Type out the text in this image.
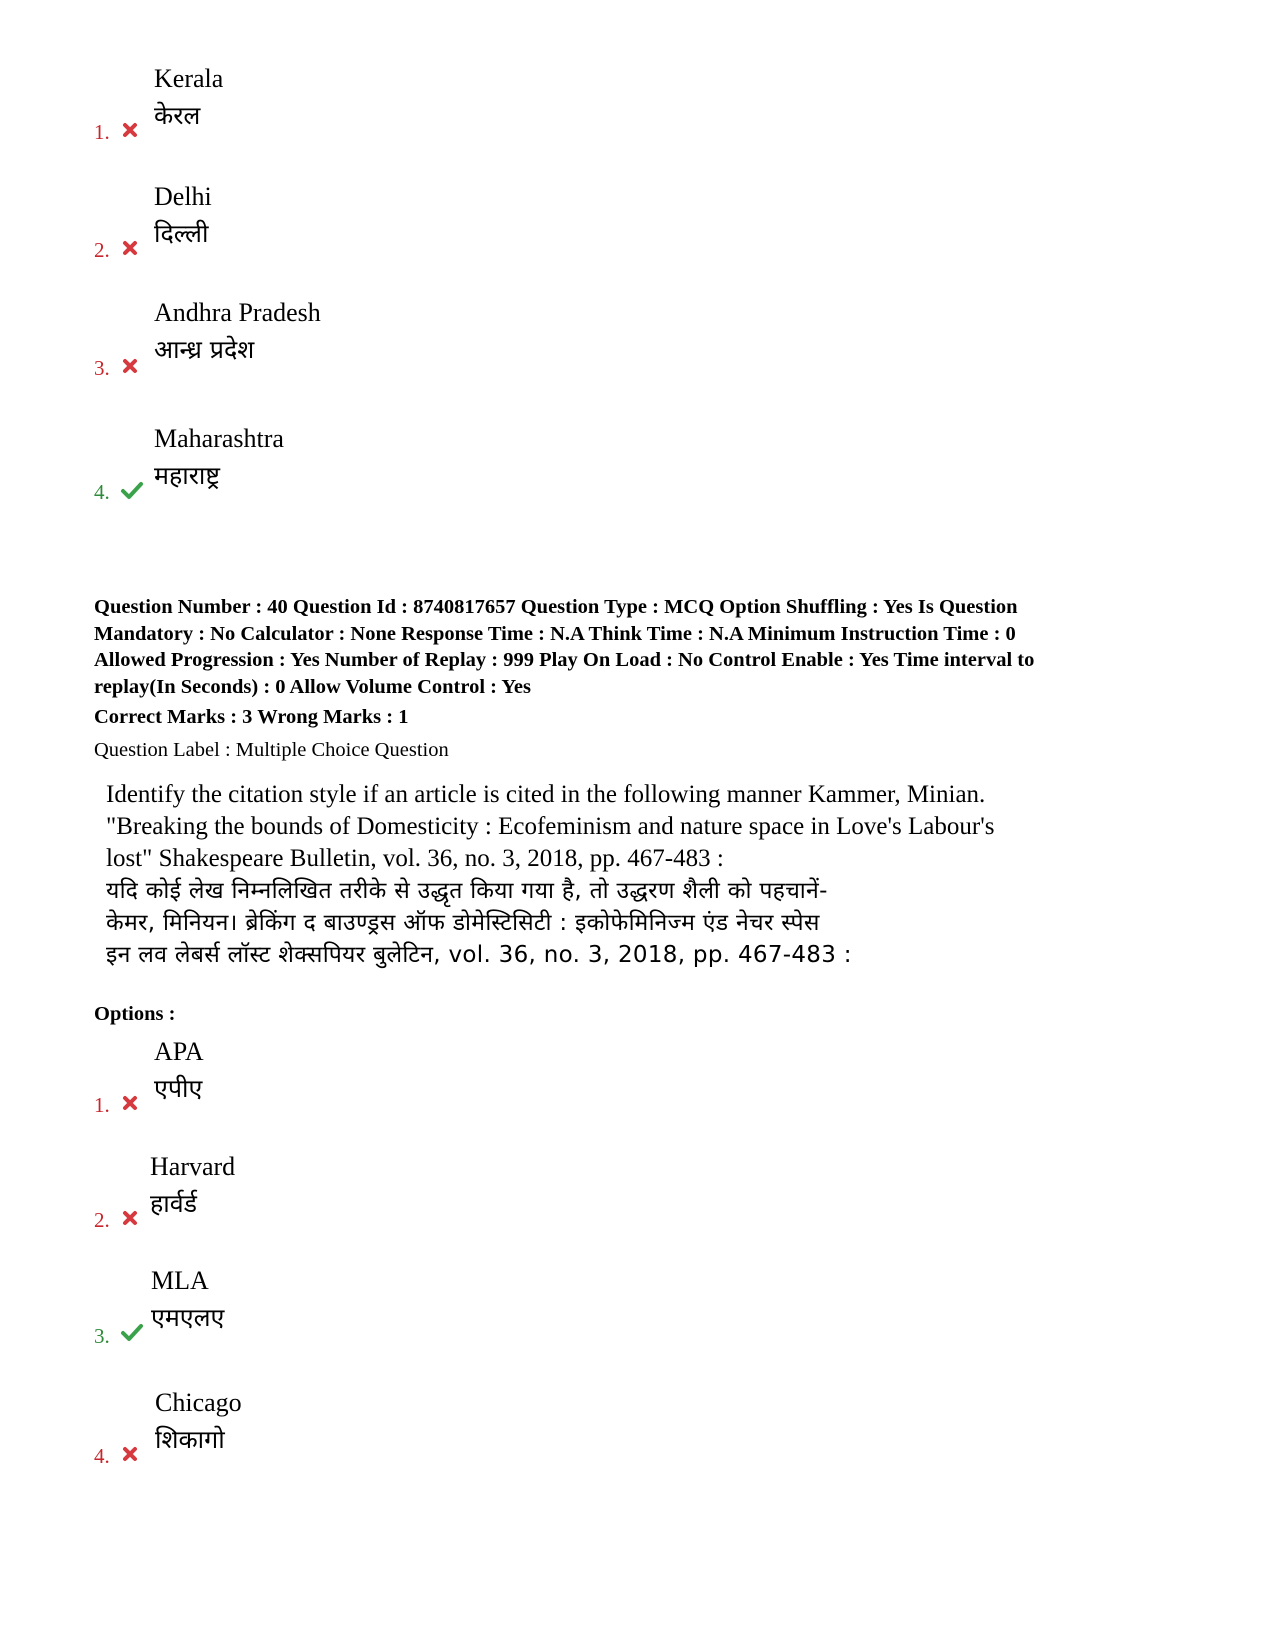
Kerala
केरल
1.
Delhi
दिल्ली
2.
Andhra Pradesh
आन्ध्र प्रदेश
3.
Maharashtra
महाराष्ट्र
4.
Question Number : 40 Question Id : 8740817657 Question Type : MCQ Option Shuffling : Yes Is Question
Mandatory : No Calculator : None Response Time : N.A Think Time : N.A Minimum Instruction Time : 0
Allowed Progression : Yes Number of Replay : 999 Play On Load : No Control Enable : Yes Time interval to
replay(In Seconds) : 0 Allow Volume Control : Yes
Correct Marks : 3 Wrong Marks : 1
Question Label : Multiple Choice Question
Identify the citation style if an article is cited in the following manner Kammer, Minian.
"Breaking the bounds of Domesticity : Ecofeminism and nature space in Love's Labour's
lost" Shakespeare Bulletin, vol. 36, no. 3, 2018, pp. 467-483 :
यदि कोई लेख निम्नलिखित तरीके से उद्धृत किया गया है, तो उद्धरण शैली को पहचानें-
केमर, मिनियन। ब्रेकिंग द बाउण्ड्रस ऑफ डोमेस्टिसिटी : इकोफेमिनिज्म एंड नेचर स्पेस
इन लव लेबर्स लॉस्ट शेक्सपियर बुलेटिन, vol. 36, no. 3, 2018, pp. 467-483 :
Options :
APA
एपीए
1.
Harvard
हार्वर्ड
2.
MLA
एमएलए
3.
Chicago
शिकागो
4.
